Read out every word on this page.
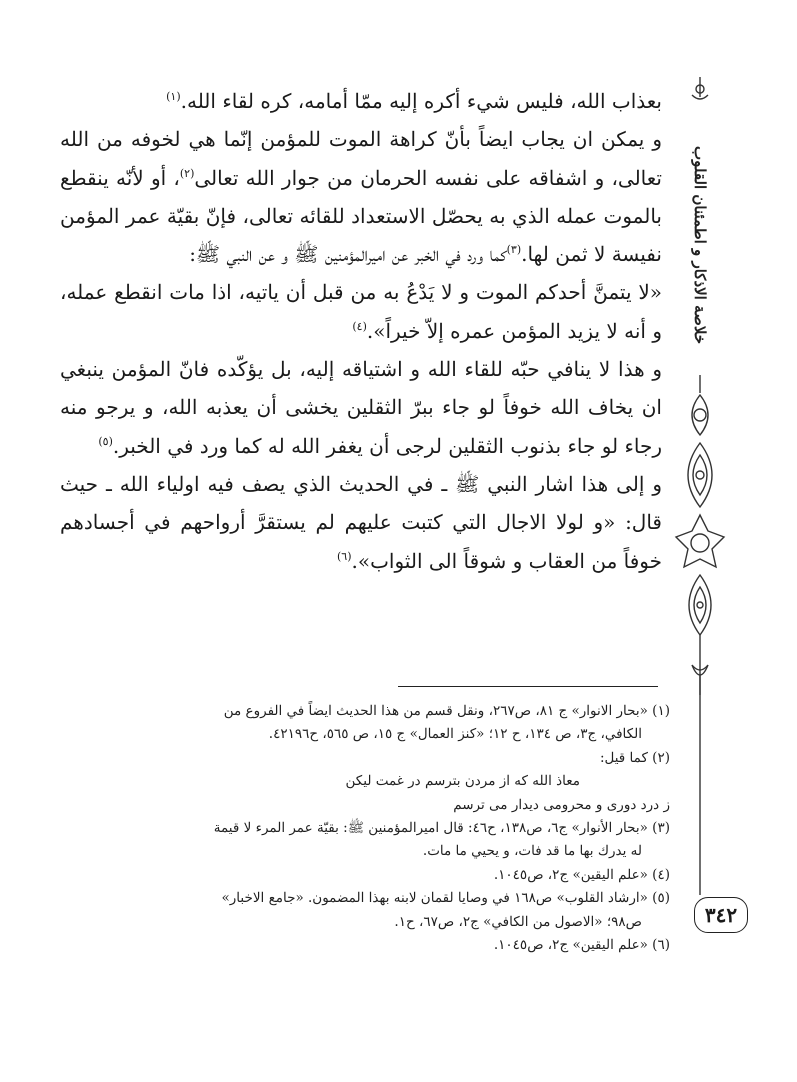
بعذاب الله، فليس شيء أكره إليه ممّا أمامه، كره لقاء الله.$^{(١)}$

و يمكن ان يجاب ايضاً بأنّ كراهة الموت للمؤمن إنّما هي لخوفه من الله تعالى، و اشفاقه على نفسه الحرمان من جوار الله تعالى$^{(٢)}$، أو لأنّه ينقطع بالموت عمله الذي به يحصّل الاستعداد للقائه تعالى، فإنّ بقيّة عمر المؤمن نفيسة لا ثمن لها.$^{(٣)}$كما ورد في الخبر عن اميرالمؤمنين ﷺ و عن النبي ﷺ:

«لا يتمنَّ أحدكم الموت و لا يَدْعُ به من قبل أن ياتيه، اذا مات انقطع عمله، و أنه لا يزيد المؤمن عمره إلاّ خيراً».$^{(٤)}$

و هذا لا ينافي حبّه للقاء الله و اشتياقه إليه، بل يؤكّده فانّ المؤمن ينبغي ان يخاف الله خوفاً لو جاء ببرّ الثقلين يخشى أن يعذبه الله، و يرجو منه رجاء لو جاء بذنوب الثقلين لرجى أن يغفر الله له كما ورد في الخبر.$^{(٥)}$

و إلى هذا اشار النبي ﷺ ـ في الحديث الذي يصف فيه اولياء الله ـ حيث قال: «و لولا الاجال التي كتبت عليهم لم يستقرَّ أرواحهم في أجسادهم خوفاً من العقاب و شوقاً الى الثواب».$^{(٦)}$

(١) «بحار الانوار» ج ٨١، ص٢٦٧، ونقل قسم من هذا الحديث ايضاً في الفروع من

الكافي، ج٣، ص ١٣٤، ح ١٢؛ «كنز العمال» ج ١٥، ص ٥٦٥، ح٤٢١٩٦.

(٢) كما قيل:

معاذ الله كه از مردن بترسم در غمت ليكن

ز درد دوری و محرومی ديدار می ترسم

(٣) «بحار الأنوار» ج٦، ص١٣٨، ح٤٦: قال اميرالمؤمنين ﷺ: بقيّة عمر المرء لا قيمة

له يدرك بها ما قد فات، و يحيي ما مات.

(٤) «علم اليقين» ج٢، ص١٠٤٥.

(٥) «ارشاد القلوب» ص١٦٨ في وصايا لقمان لابنه بهذا المضمون. «جامع الاخبار»

ص٩٨؛ «الاصول من الكافي» ج٢، ص٦٧، ح١.

(٦) «علم اليقين» ج٢، ص١٠٤٥.

خلاصة الاذكار و اطمئنان القلوب
٣٤٢
